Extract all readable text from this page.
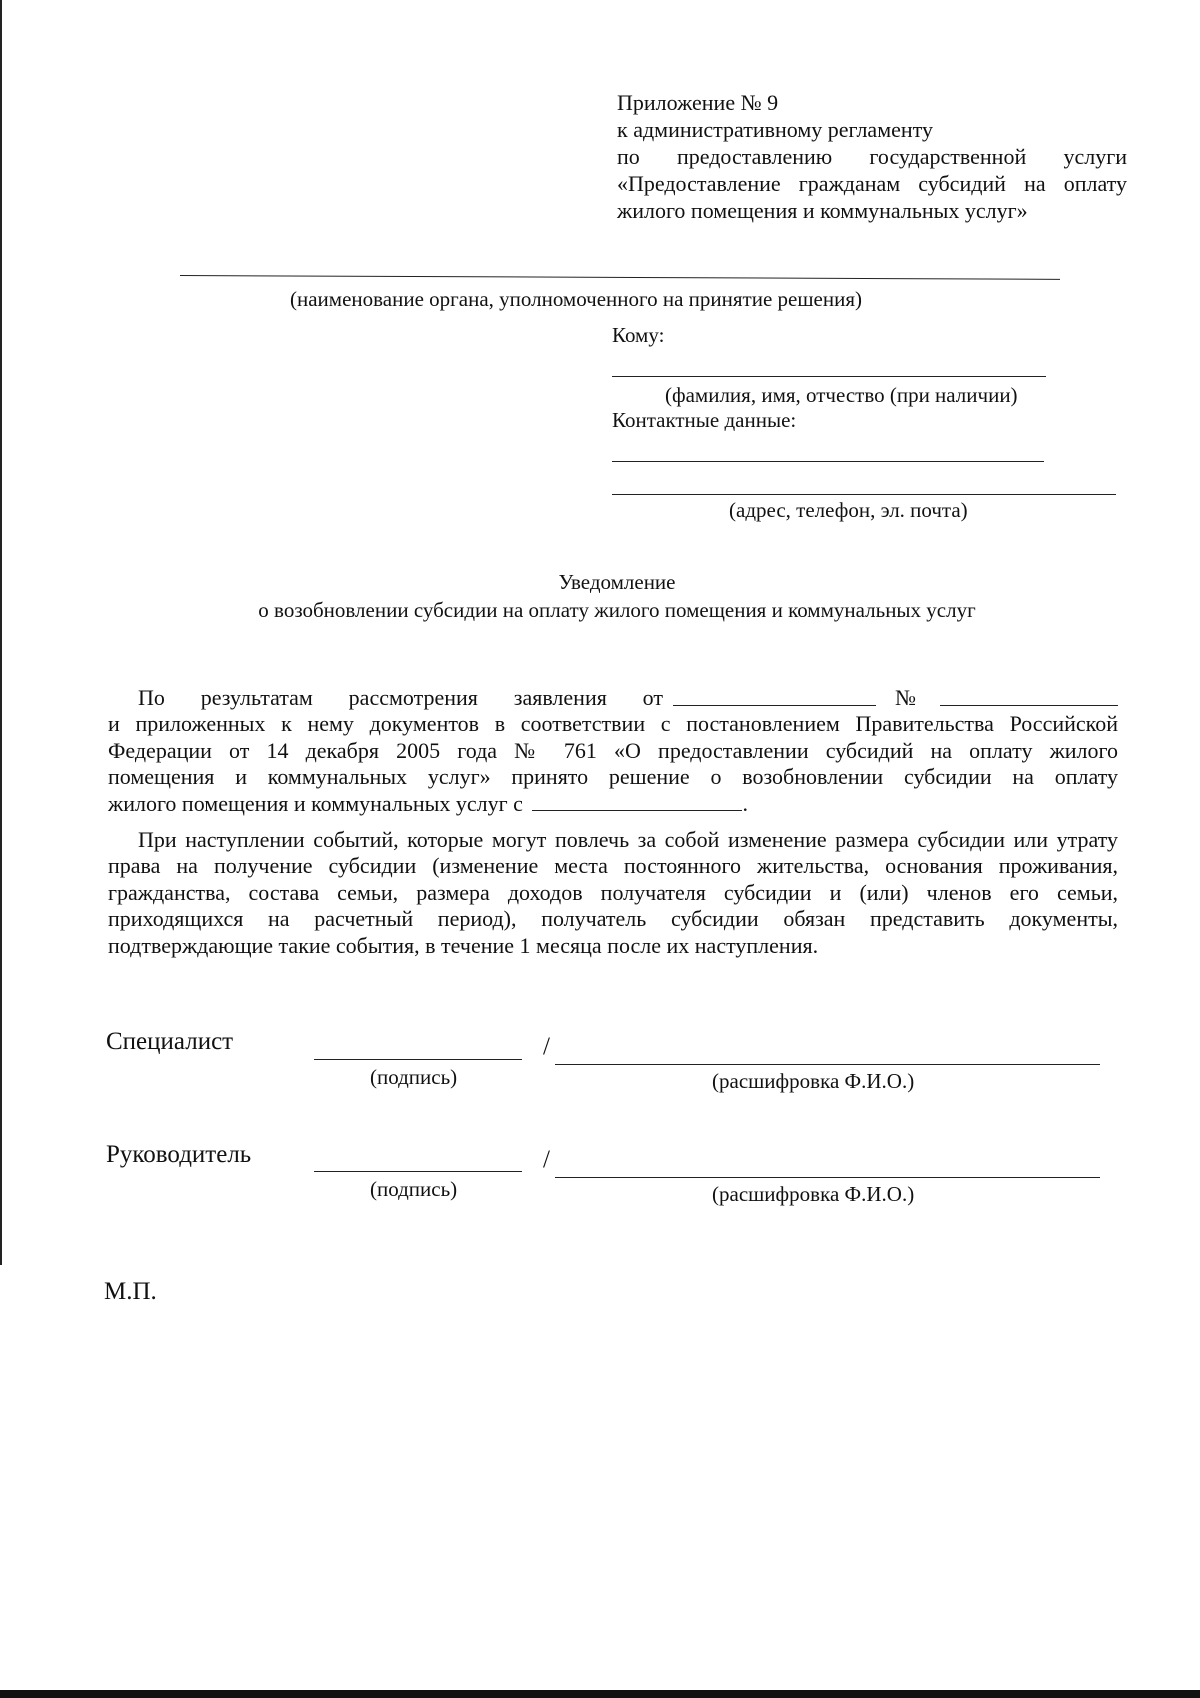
Приложение № 9
к административному регламенту
по предоставлению государственной услуги
«Предоставление гражданам субсидий на оплату
жилого помещения и коммунальных услуг»
(наименование органа, уполномоченного на принятие решения)
Кому:
(фамилия, имя, отчество (при наличии)
Контактные данные:
(адрес, телефон, эл. почта)
Уведомление
о возобновлении субсидии на оплату жилого помещения и коммунальных услуг
По результатам рассмотрения заявления от	№
и приложенных к нему документов в соответствии с постановлением Правительства Российской
Федерации от 14 декабря 2005 года № 761 «О предоставлении субсидий на оплату жилого
помещения и коммунальных услуг» принято решение о возобновлении субсидии на оплату
жилого помещения и коммунальных услуг с	.

При наступлении событий, которые могут повлечь за собой изменение размера субсидии или утрату права на получение субсидии (изменение места постоянного жительства, основания проживания, гражданства, состава семьи, размера доходов получателя субсидии и (или) членов его семьи, приходящихся на расчетный период), получатель субсидии обязан представить документы, подтверждающие такие события, в течение 1 месяца после их наступления.

Специалист	/
(подпись)	(расшифровка Ф.И.О.)
Руководитель	/
(подпись)	(расшифровка Ф.И.О.)
М.П.
